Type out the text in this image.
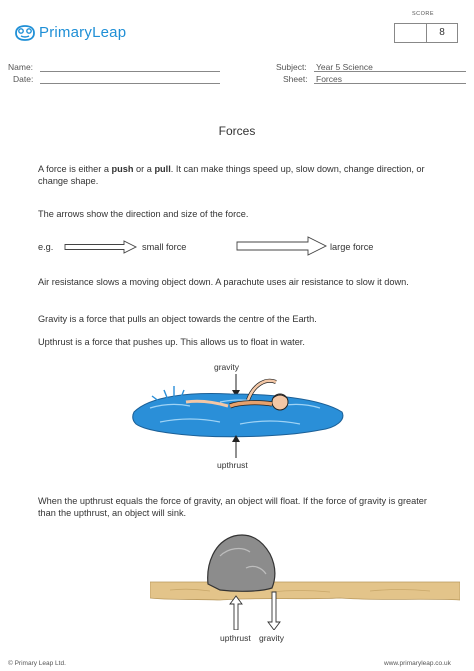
PrimaryLeap
SCORE
8
Name:
Date:
Subject: Year 5 Science
Sheet: Forces
Forces
A force is either a push or a pull. It can make things speed up, slow down, change direction, or change shape.
The arrows show the direction and size of the force.
e.g.	small force	large force
Air resistance slows a moving object down. A parachute uses air resistance to slow it down.
Gravity is a force that pulls an object towards the centre of the Earth.
Upthrust is a force that pushes up. This allows us to float in water.
gravity
upthrust
When the upthrust equals the force of gravity, an object will float. If the force of gravity is greater than the upthrust, an object will sink.
upthrust gravity
© Primary Leap Ltd.	www.primaryleap.co.uk
